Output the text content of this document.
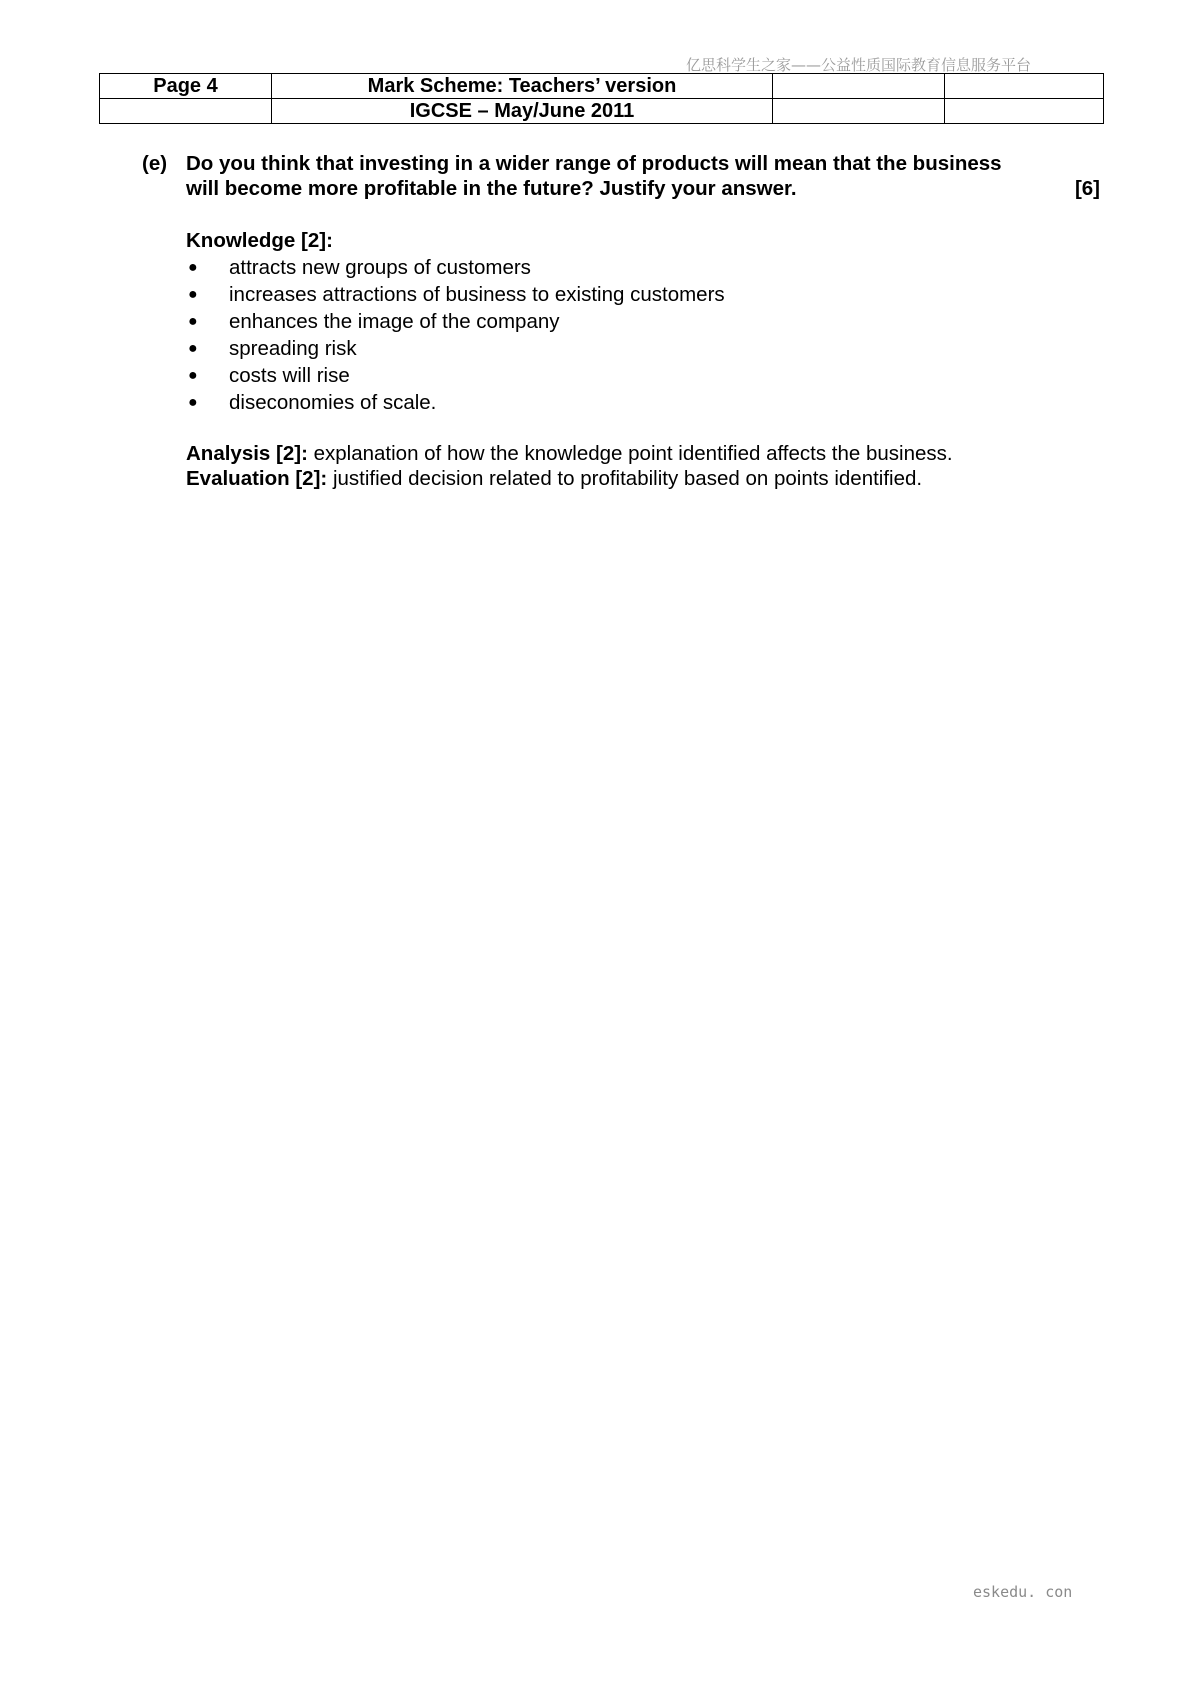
亿思科学生之家——公益性质国际教育信息服务平台
Page 4	Mark Scheme: Teachers’ version		
	IGCSE – May/June 2011		
(e) Do you think that investing in a wider range of products will mean that the business
will become more profitable in the future? Justify your answer.	[6]
Knowledge [2]:
● attracts new groups of customers
● increases attractions of business to existing customers
● enhances the image of the company
● spreading risk
● costs will rise
● diseconomies of scale.
Analysis [2]: explanation of how the knowledge point identified affects the business.
Evaluation [2]: justified decision related to profitability based on points identified.
eskedu. con
